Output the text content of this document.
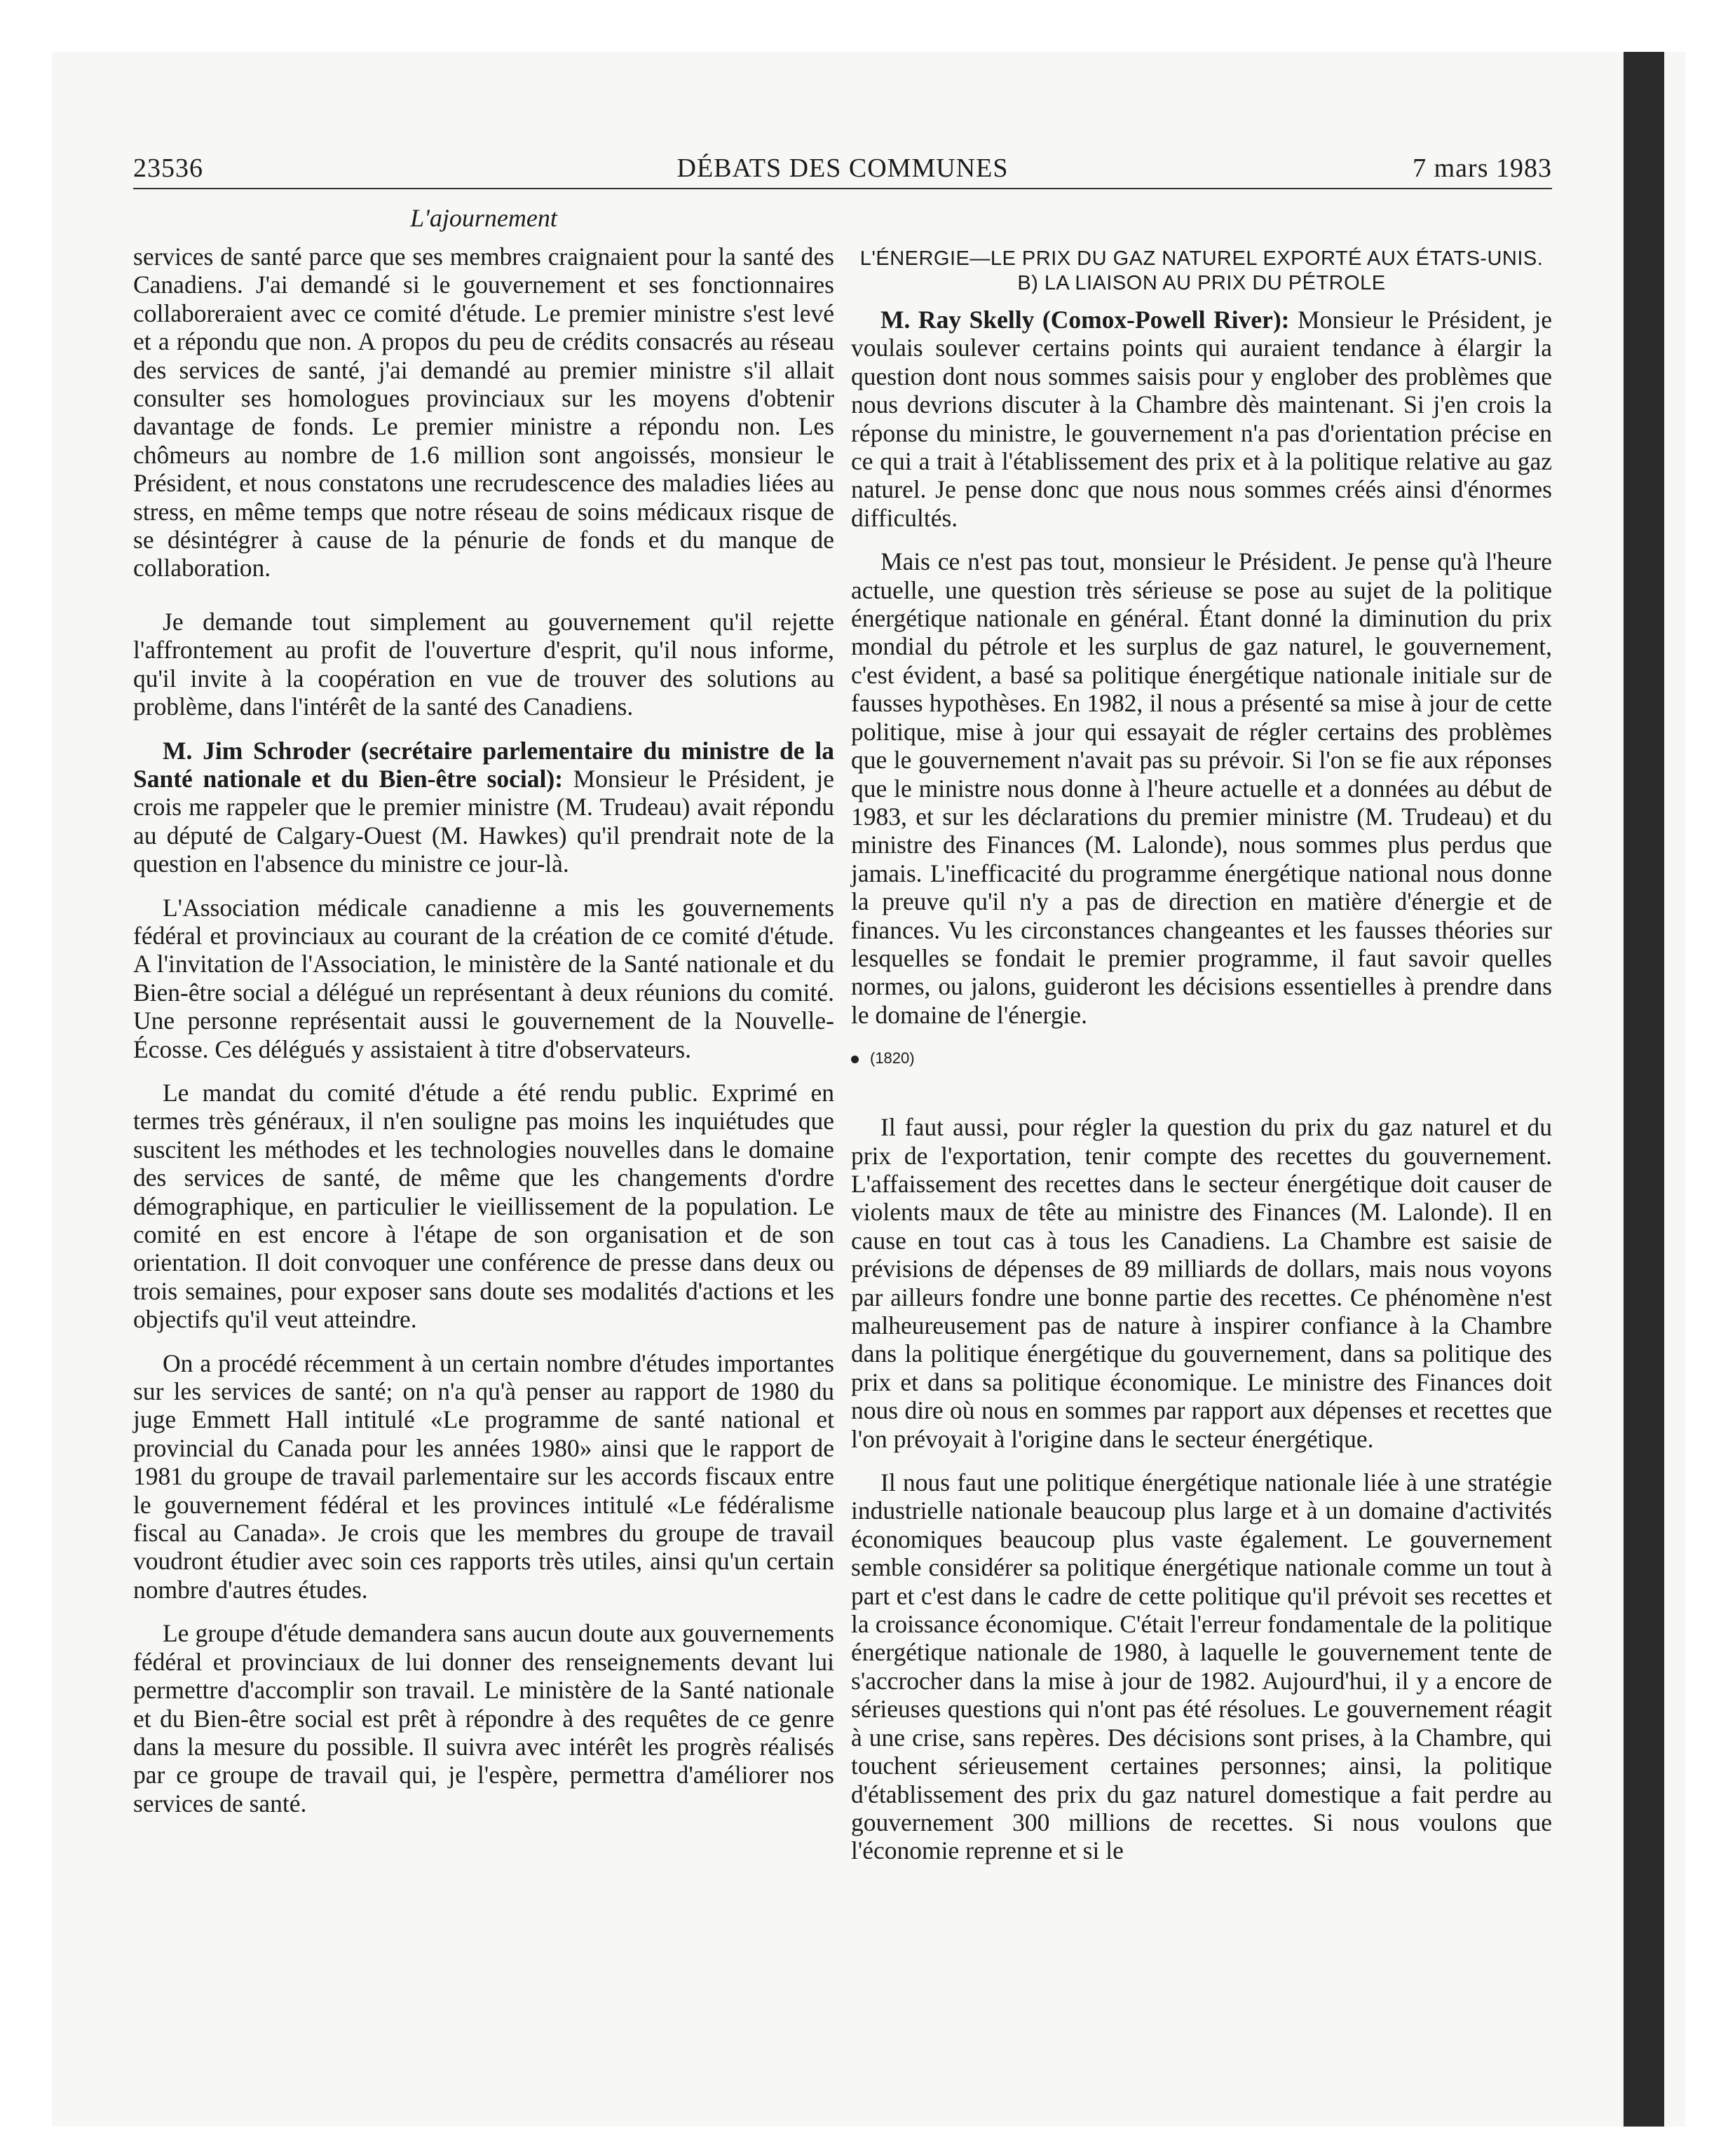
23536	DÉBATS DES COMMUNES	7 mars 1983
L'ajournement

services de santé parce que ses membres craignaient pour la santé des Canadiens. J'ai demandé si le gouvernement et ses fonctionnaires collaboreraient avec ce comité d'étude. Le premier ministre s'est levé et a répondu que non. A propos du peu de crédits consacrés au réseau des services de santé, j'ai demandé au premier ministre s'il allait consulter ses homologues provinciaux sur les moyens d'obtenir davantage de fonds. Le premier ministre a répondu non. Les chômeurs au nombre de 1.6 million sont angoissés, monsieur le Président, et nous constatons une recrudescence des maladies liées au stress, en même temps que notre réseau de soins médicaux risque de se désintégrer à cause de la pénurie de fonds et du manque de collaboration.

Je demande tout simplement au gouvernement qu'il rejette l'affrontement au profit de l'ouverture d'esprit, qu'il nous informe, qu'il invite à la coopération en vue de trouver des solutions au problème, dans l'intérêt de la santé des Canadiens.

M. Jim Schroder (secrétaire parlementaire du ministre de la Santé nationale et du Bien-être social): Monsieur le Président, je crois me rappeler que le premier ministre (M. Trudeau) avait répondu au député de Calgary-Ouest (M. Hawkes) qu'il prendrait note de la question en l'absence du ministre ce jour-là.

L'Association médicale canadienne a mis les gouvernements fédéral et provinciaux au courant de la création de ce comité d'étude. A l'invitation de l'Association, le ministère de la Santé nationale et du Bien-être social a délégué un représentant à deux réunions du comité. Une personne représentait aussi le gouvernement de la Nouvelle-Écosse. Ces délégués y assistaient à titre d'observateurs.

Le mandat du comité d'étude a été rendu public. Exprimé en termes très généraux, il n'en souligne pas moins les inquiétudes que suscitent les méthodes et les technologies nouvelles dans le domaine des services de santé, de même que les changements d'ordre démographique, en particulier le vieillissement de la population. Le comité en est encore à l'étape de son organisation et de son orientation. Il doit convoquer une conférence de presse dans deux ou trois semaines, pour exposer sans doute ses modalités d'actions et les objectifs qu'il veut atteindre.

On a procédé récemment à un certain nombre d'études importantes sur les services de santé; on n'a qu'à penser au rapport de 1980 du juge Emmett Hall intitulé «Le programme de santé national et provincial du Canada pour les années 1980» ainsi que le rapport de 1981 du groupe de travail parlementaire sur les accords fiscaux entre le gouvernement fédéral et les provinces intitulé «Le fédéralisme fiscal au Canada». Je crois que les membres du groupe de travail voudront étudier avec soin ces rapports très utiles, ainsi qu'un certain nombre d'autres études.

Le groupe d'étude demandera sans aucun doute aux gouvernements fédéral et provinciaux de lui donner des renseignements devant lui permettre d'accomplir son travail. Le ministère de la Santé nationale et du Bien-être social est prêt à répondre à des requêtes de ce genre dans la mesure du possible. Il suivra avec intérêt les progrès réalisés par ce groupe de travail qui, je l'espère, permettra d'améliorer nos services de santé.

L'ÉNERGIE—LE PRIX DU GAZ NATUREL EXPORTÉ AUX ÉTATS-UNIS. B) LA LIAISON AU PRIX DU PÉTROLE

M. Ray Skelly (Comox-Powell River): Monsieur le Président, je voulais soulever certains points qui auraient tendance à élargir la question dont nous sommes saisis pour y englober des problèmes que nous devrions discuter à la Chambre dès maintenant. Si j'en crois la réponse du ministre, le gouvernement n'a pas d'orientation précise en ce qui a trait à l'établissement des prix et à la politique relative au gaz naturel. Je pense donc que nous nous sommes créés ainsi d'énormes difficultés.

Mais ce n'est pas tout, monsieur le Président. Je pense qu'à l'heure actuelle, une question très sérieuse se pose au sujet de la politique énergétique nationale en général. Étant donné la diminution du prix mondial du pétrole et les surplus de gaz naturel, le gouvernement, c'est évident, a basé sa politique énergétique nationale initiale sur de fausses hypothèses. En 1982, il nous a présenté sa mise à jour de cette politique, mise à jour qui essayait de régler certains des problèmes que le gouvernement n'avait pas su prévoir. Si l'on se fie aux réponses que le ministre nous donne à l'heure actuelle et a données au début de 1983, et sur les déclarations du premier ministre (M. Trudeau) et du ministre des Finances (M. Lalonde), nous sommes plus perdus que jamais. L'inefficacité du programme énergétique national nous donne la preuve qu'il n'y a pas de direction en matière d'énergie et de finances. Vu les circonstances changeantes et les fausses théories sur lesquelles se fondait le premier programme, il faut savoir quelles normes, ou jalons, guideront les décisions essentielles à prendre dans le domaine de l'énergie.

(1820)

Il faut aussi, pour régler la question du prix du gaz naturel et du prix de l'exportation, tenir compte des recettes du gouvernement. L'affaissement des recettes dans le secteur énergétique doit causer de violents maux de tête au ministre des Finances (M. Lalonde). Il en cause en tout cas à tous les Canadiens. La Chambre est saisie de prévisions de dépenses de 89 milliards de dollars, mais nous voyons par ailleurs fondre une bonne partie des recettes. Ce phénomène n'est malheureusement pas de nature à inspirer confiance à la Chambre dans la politique énergétique du gouvernement, dans sa politique des prix et dans sa politique économique. Le ministre des Finances doit nous dire où nous en sommes par rapport aux dépenses et recettes que l'on prévoyait à l'origine dans le secteur énergétique.

Il nous faut une politique énergétique nationale liée à une stratégie industrielle nationale beaucoup plus large et à un domaine d'activités économiques beaucoup plus vaste également. Le gouvernement semble considérer sa politique énergétique nationale comme un tout à part et c'est dans le cadre de cette politique qu'il prévoit ses recettes et la croissance économique. C'était l'erreur fondamentale de la politique énergétique nationale de 1980, à laquelle le gouvernement tente de s'accrocher dans la mise à jour de 1982. Aujourd'hui, il y a encore de sérieuses questions qui n'ont pas été résolues. Le gouvernement réagit à une crise, sans repères. Des décisions sont prises, à la Chambre, qui touchent sérieusement certaines personnes; ainsi, la politique d'établissement des prix du gaz naturel domestique a fait perdre au gouvernement 300 millions de recettes. Si nous voulons que l'économie reprenne et si le
